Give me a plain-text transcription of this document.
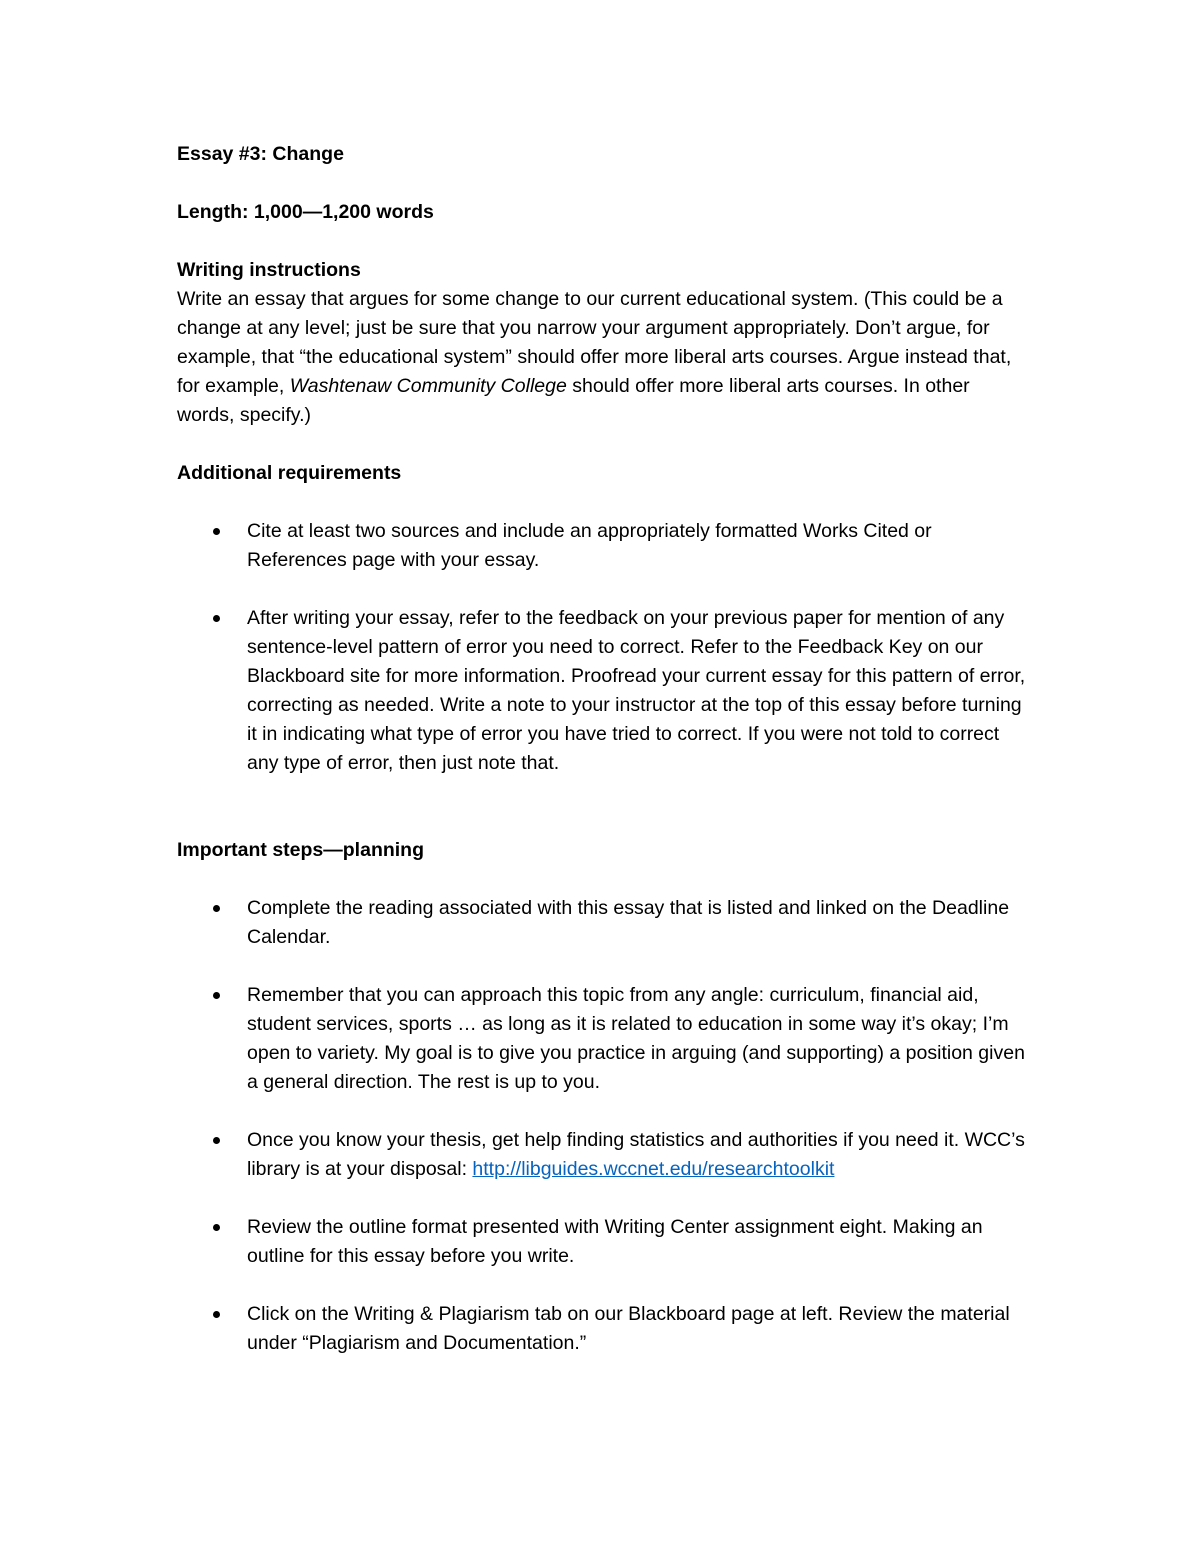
Essay #3: Change

Length: 1,000—1,200 words

Writing instructions

Write an essay that argues for some change to our current educational system. (This could be a change at any level; just be sure that you narrow your argument appropriately. Don’t argue, for example, that “the educational system” should offer more liberal arts courses. Argue instead that, for example, Washtenaw Community College should offer more liberal arts courses. In other words, specify.)

Additional requirements

Cite at least two sources and include an appropriately formatted Works Cited or References page with your essay.
After writing your essay, refer to the feedback on your previous paper for mention of any sentence-level pattern of error you need to correct. Refer to the Feedback Key on our Blackboard site for more information. Proofread your current essay for this pattern of error, correcting as needed. Write a note to your instructor at the top of this essay before turning it in indicating what type of error you have tried to correct. If you were not told to correct any type of error, then just note that.

Important steps—planning

Complete the reading associated with this essay that is listed and linked on the Deadline Calendar.
Remember that you can approach this topic from any angle: curriculum, financial aid, student services, sports … as long as it is related to education in some way it’s okay; I’m open to variety. My goal is to give you practice in arguing (and supporting) a position given a general direction. The rest is up to you.
Once you know your thesis, get help finding statistics and authorities if you need it. WCC’s library is at your disposal: http://libguides.wccnet.edu/researchtoolkit
Review the outline format presented with Writing Center assignment eight. Making an outline for this essay before you write.
Click on the Writing & Plagiarism tab on our Blackboard page at left. Review the material under “Plagiarism and Documentation.”
